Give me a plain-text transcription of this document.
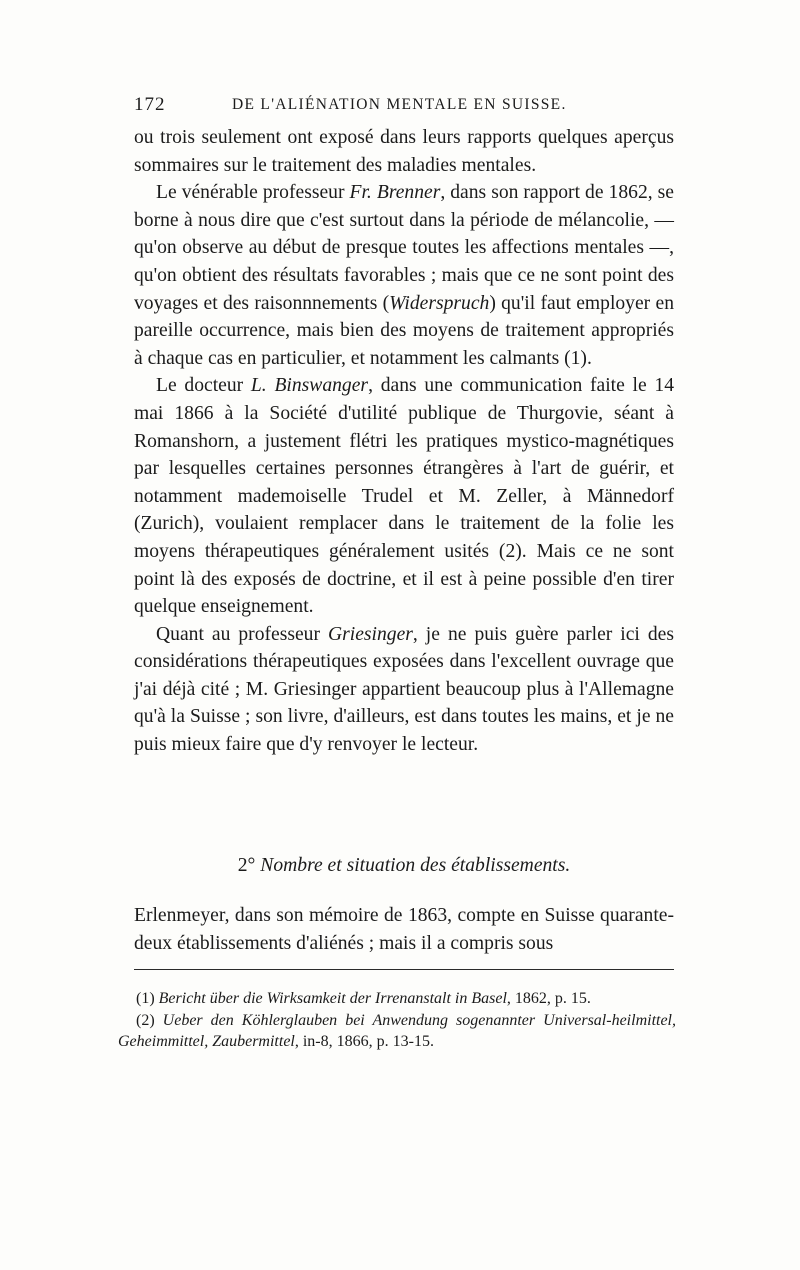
172	DE L'ALIÉNATION MENTALE EN SUISSE.

ou trois seulement ont exposé dans leurs rapports quelques aperçus sommaires sur le traitement des maladies mentales.

Le vénérable professeur Fr. Brenner, dans son rapport de 1862, se borne à nous dire que c'est surtout dans la période de mélancolie, — qu'on observe au début de presque toutes les affections mentales —, qu'on obtient des résultats favorables ; mais que ce ne sont point des voyages et des raisonnnements (Widerspruch) qu'il faut employer en pareille occurrence, mais bien des moyens de traitement appropriés à chaque cas en particulier, et notamment les calmants (1).

Le docteur L. Binswanger, dans une communication faite le 14 mai 1866 à la Société d'utilité publique de Thurgovie, séant à Romanshorn, a justement flétri les pratiques mystico-magnétiques par lesquelles certaines personnes étrangères à l'art de guérir, et notamment mademoiselle Trudel et M. Zeller, à Männedorf (Zurich), voulaient remplacer dans le traitement de la folie les moyens thérapeutiques généralement usités (2). Mais ce ne sont point là des exposés de doctrine, et il est à peine possible d'en tirer quelque enseignement.

Quant au professeur Griesinger, je ne puis guère parler ici des considérations thérapeutiques exposées dans l'excellent ouvrage que j'ai déjà cité ; M. Griesinger appartient beaucoup plus à l'Allemagne qu'à la Suisse ; son livre, d'ailleurs, est dans toutes les mains, et je ne puis mieux faire que d'y renvoyer le lecteur.

2° Nombre et situation des établissements.

Erlenmeyer, dans son mémoire de 1863, compte en Suisse quarante-deux établissements d'aliénés ; mais il a compris sous

(1) Bericht über die Wirksamkeit der Irrenanstalt in Basel, 1862, p. 15.

(2) Ueber den Köhlerglauben bei Anwendung sogenannter Universal-heilmittel, Geheimmittel, Zaubermittel, in-8, 1866, p. 13-15.
